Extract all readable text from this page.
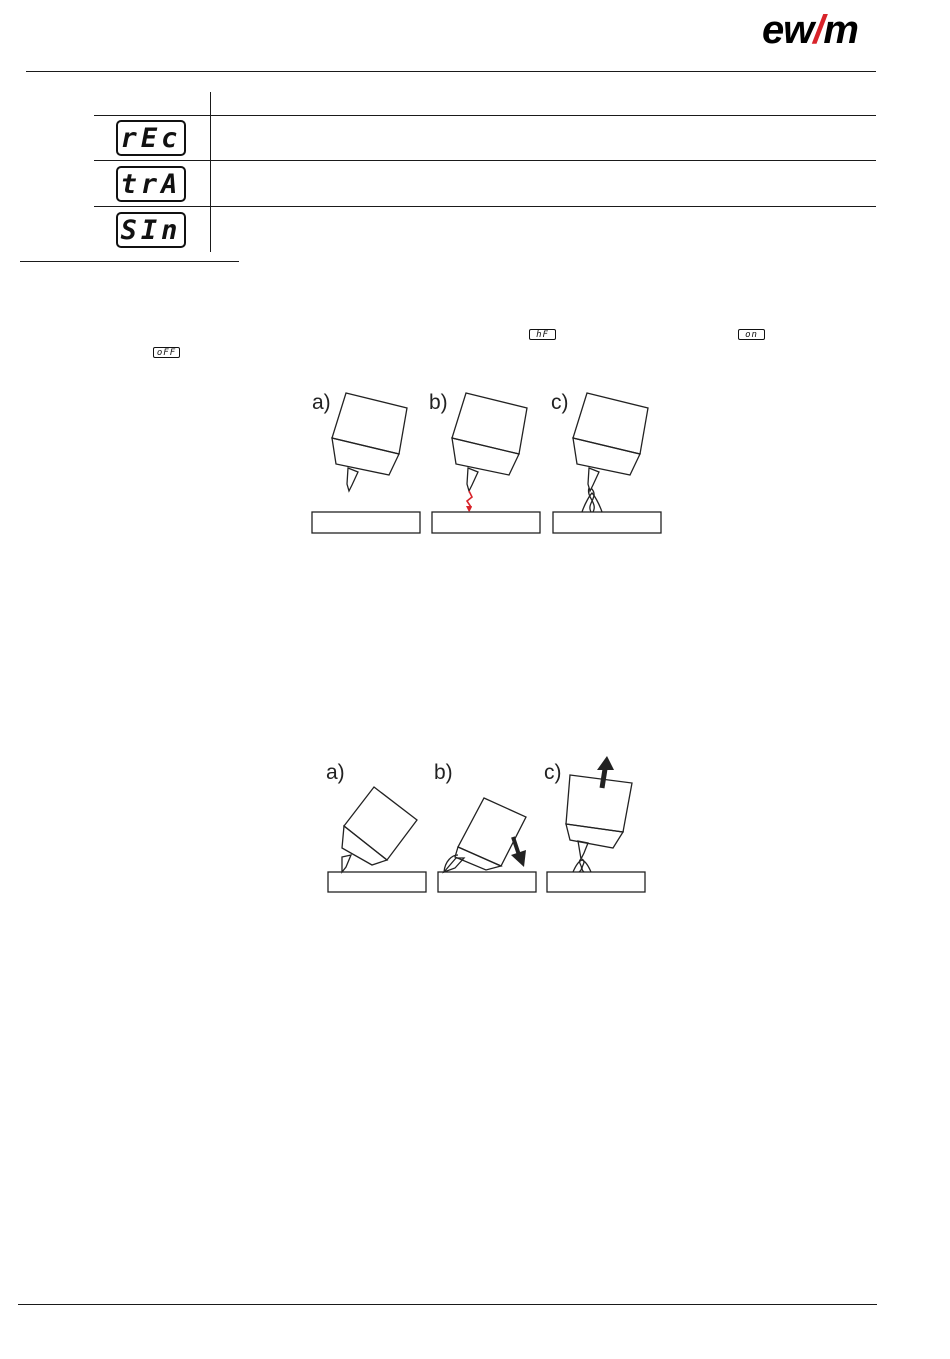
ew/m
rEc
trA
SIn
hF	on
oFF
a)	b)	c)
a)	b)	c)
